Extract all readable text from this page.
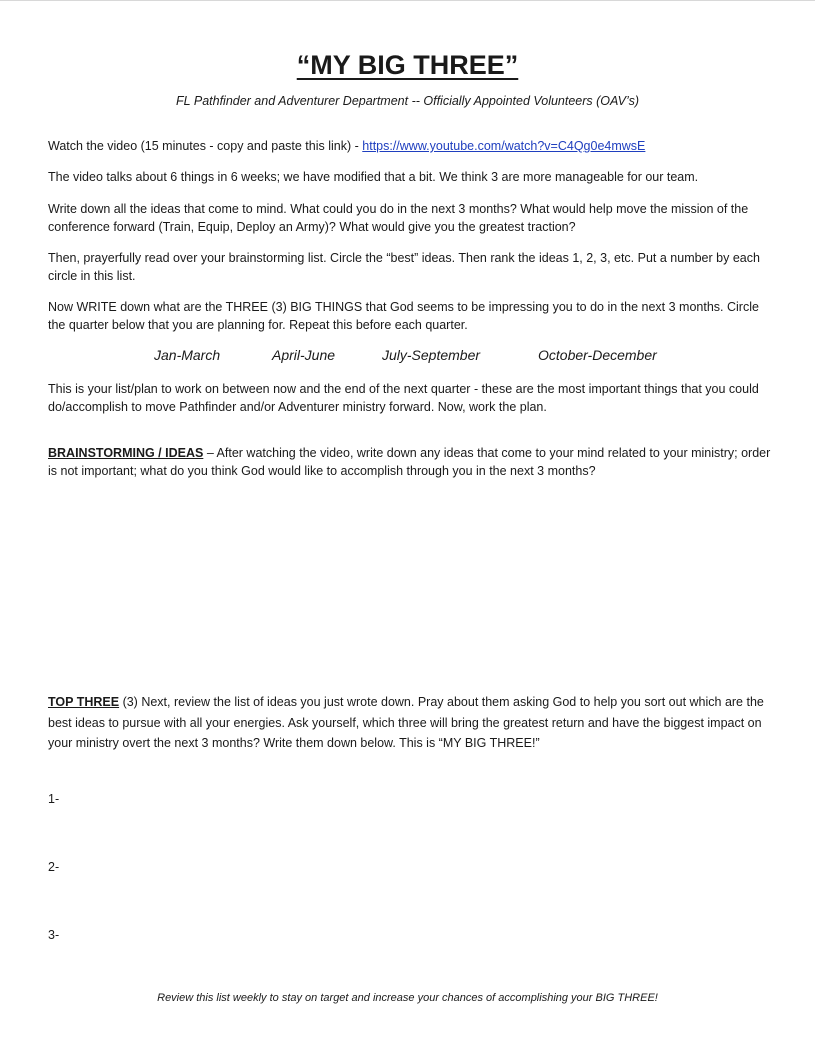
“MY BIG THREE”
FL Pathfinder and Adventurer Department -- Officially Appointed Volunteers (OAV’s)

Watch the video (15 minutes - copy and paste this link) - https://www.youtube.com/watch?v=C4Qg0e4mwsE

The video talks about 6 things in 6 weeks; we have modified that a bit. We think 3 are more manageable for our team.

Write down all the ideas that come to mind. What could you do in the next 3 months? What would help move the mission of the conference forward (Train, Equip, Deploy an Army)? What would give you the greatest traction?

Then, prayerfully read over your brainstorming list. Circle the “best” ideas. Then rank the ideas 1, 2, 3, etc. Put a number by each circle in this list.

Now WRITE down what are the THREE (3) BIG THINGS that God seems to be impressing you to do in the next 3 months. Circle the quarter below that you are planning for. Repeat this before each quarter.

Jan-March	April-June	July-September	October-December

This is your list/plan to work on between now and the end of the next quarter - these are the most important things that you could do/accomplish to move Pathfinder and/or Adventurer ministry forward. Now, work the plan.

BRAINSTORMING / IDEAS – After watching the video, write down any ideas that come to your mind related to your ministry; order is not important; what do you think God would like to accomplish through you in the next 3 months?

TOP THREE (3) Next, review the list of ideas you just wrote down. Pray about them asking God to help you sort out which are the best ideas to pursue with all your energies. Ask yourself, which three will bring the greatest return and have the biggest impact on your ministry overt the next 3 months? Write them down below. This is “MY BIG THREE!”

1-
2-
3-
Review this list weekly to stay on target and increase your chances of accomplishing your BIG THREE!
